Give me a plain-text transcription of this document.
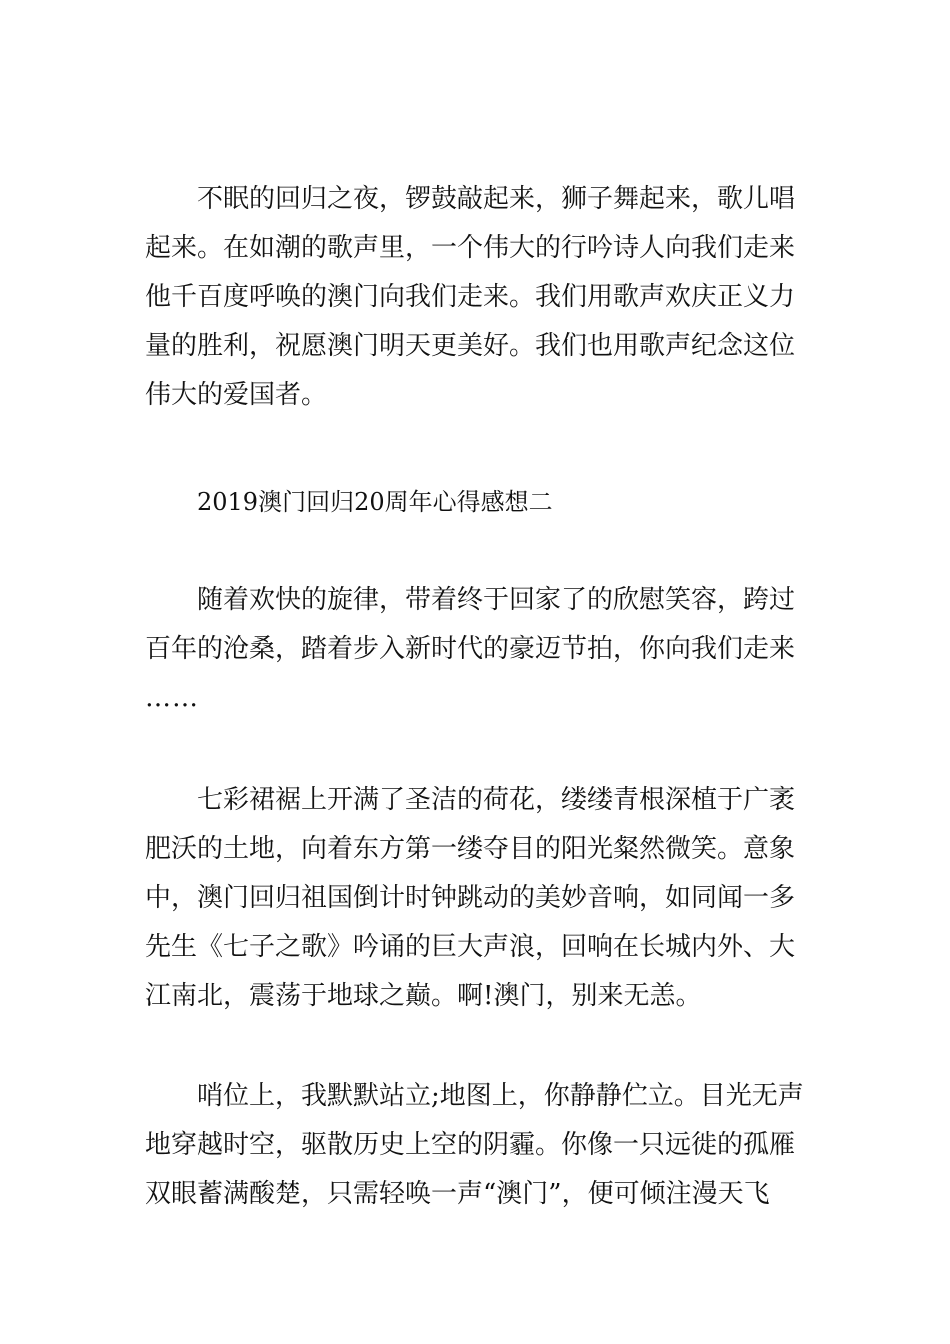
不眠的回归之夜，锣鼓敲起来，狮子舞起来，歌儿唱
起来。在如潮的歌声里，一个伟大的行吟诗人向我们走来
他千百度呼唤的澳门向我们走来。我们用歌声欢庆正义力
量的胜利，祝愿澳门明天更美好。我们也用歌声纪念这位
伟大的爱国者。
2019澳门回归20周年心得感想二
随着欢快的旋律，带着终于回家了的欣慰笑容，跨过
百年的沧桑，踏着步入新时代的豪迈节拍，你向我们走来
……
七彩裙裾上开满了圣洁的荷花，缕缕青根深植于广袤
肥沃的土地，向着东方第一缕夺目的阳光粲然微笑。意象
中，澳门回归祖国倒计时钟跳动的美妙音响，如同闻一多
先生《七子之歌》吟诵的巨大声浪，回响在长城内外、大
江南北，震荡于地球之巅。啊!澳门，别来无恙。
哨位上，我默默站立;地图上，你静静伫立。目光无声
地穿越时空，驱散历史上空的阴霾。你像一只远徙的孤雁
双眼蓄满酸楚，只需轻唤一声“澳门”，便可倾注漫天飞
